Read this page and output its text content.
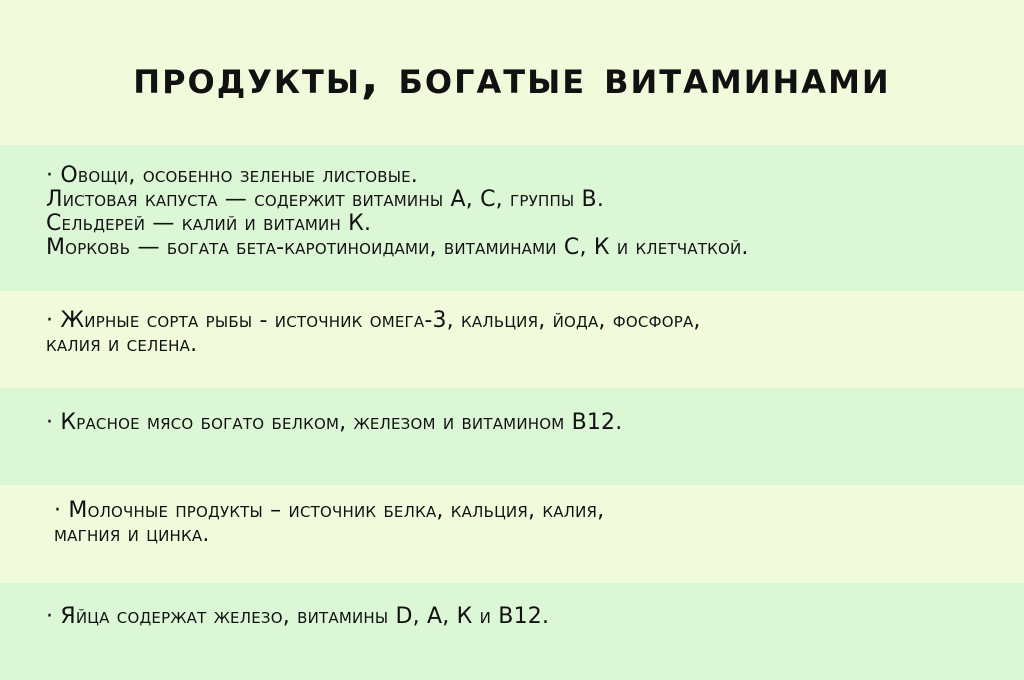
продукты, богатые витаминами
· Овощи, особенно зеленые листовые.
Листовая капуста — содержит витамины А, С, группы В.
Сельдерей — калий и витамин К.
Морковь — богата бета-каротиноидами, витаминами С, К и клетчаткой.
· Жирные сорта рыбы - источник омега-3, кальция, йода, фосфора,
калия и селена.
· Красное мясо богато белком, железом и витамином В12.
· Молочные продукты – источник белка, кальция, калия,
магния и цинка.
· Яйца содержат железо, витамины D, А, К и В12.
